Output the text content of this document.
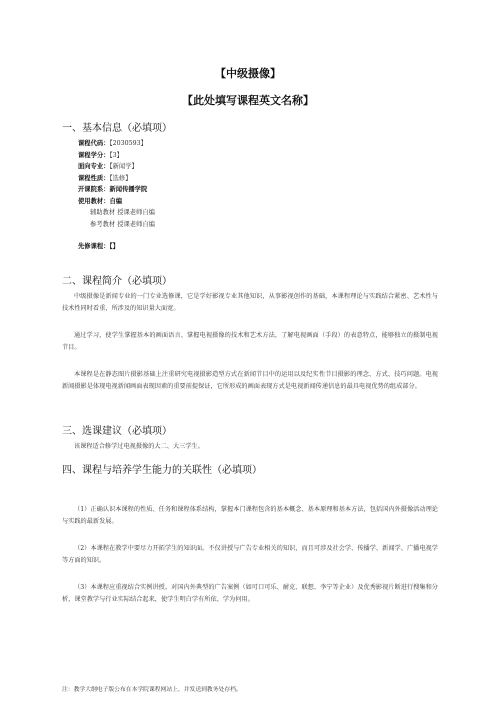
【中级摄像】
【此处填写课程英文名称】
一、基本信息（必填项）
课程代码：【2030593】
课程学分：【3】
面向专业：【新闻学】
课程性质：【选修】
开课院系：新闻传播学院
使用教材：自编
辅助教材 授课老师自编
参考教材 授课老师自编
先修课程：【】
二、课程简介（必填项）
中级摄像是新闻专业的一门专业选修课，它是学好影视专业其他知识，从事影视创作的基础，本课程理论与实践结合紧密、艺术性与技术性同时看重，所涉及的知识量大面宽。
通过学习，使学生掌握基本的画面语言、掌握电视摄像的技术和艺术方法，了解电视画面（手段）的表意特点，能够独立的摄制电视节目。
本课程是在静态图片摄影基础上注重研究电视摄影造型方式在新闻节目中的运用以及纪实性节目摄影的理念、方式、技巧问题。电视新闻摄影是体现电视新闻画面表现因素的重要前提保证，它所形成的画面表现方式是电视新闻传递信息的最具电视优势的组成部分。
三、选课建议（必填项）
该课程适合修学过电视摄像的大二、大三学生。
四、课程与培养学生能力的关联性（必填项）
（1）正确认识本课程的性质、任务和课程体系结构，掌握本门课程包含的基本概念、基本原理和基本方法，包括国内外摄像活动理论与实践的最新发展。
（2）本课程在教学中要尽力开拓学生的知识面。不仅讲授与广告专业相关的知识，而且可涉及社会学、传播学、新闻学、广播电视学等方面的知识。
（3）本课程应重视结合实例讲授。对国内外典型的广告案例（如可口可乐、耐克、联想、李宁等企业）及优秀影视片断进行搜集和分析，课堂教学与行业实际结合起来，使学生明白学有所依、学为何用。
注：教学大纲电子版公布在本学院课程网站上，并发送到教务处存档。
